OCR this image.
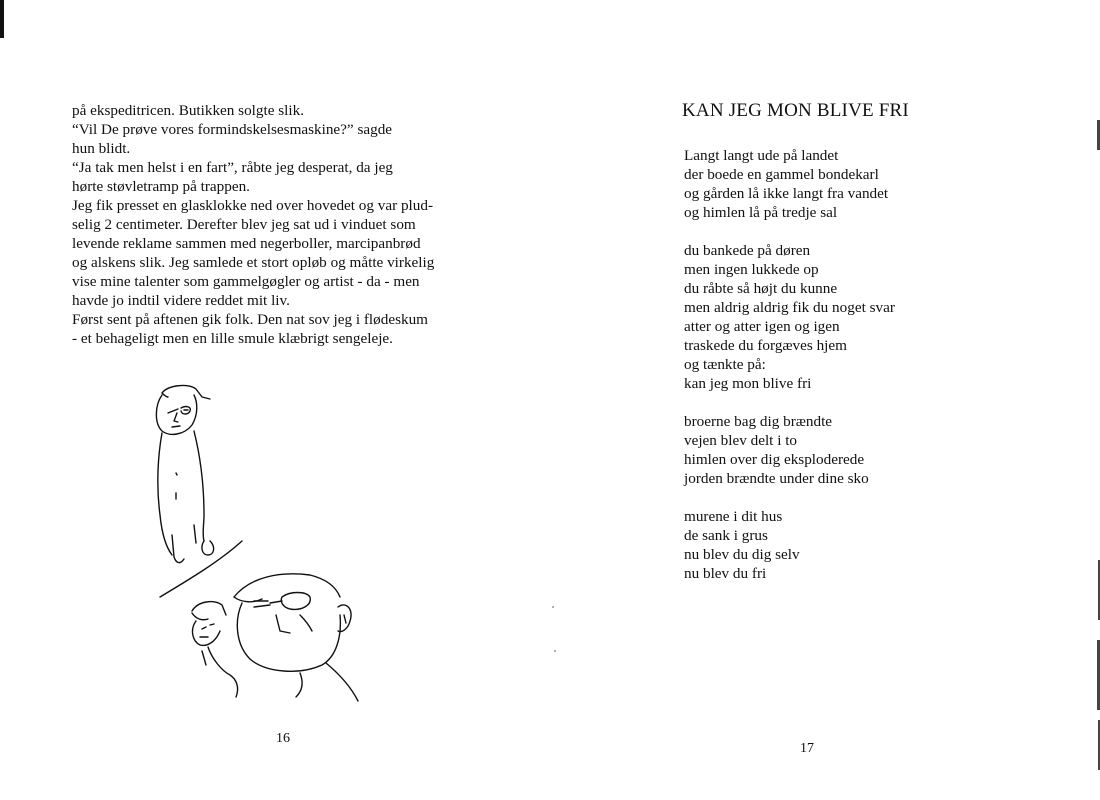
på ekspeditricen. Butikken solgte slik.
“Vil De prøve vores formindskelsesmaskine?” sagde
hun blidt.
“Ja tak men helst i en fart”, råbte jeg desperat, da jeg
hørte støvletramp på trappen.
Jeg fik presset en glasklokke ned over hovedet og var plud-
selig 2 centimeter. Derefter blev jeg sat ud i vinduet som
levende reklame sammen med negerboller, marcipanbrød
og alskens slik. Jeg samlede et stort opløb og måtte virkelig
vise mine talenter som gammelgøgler og artist - da - men
havde jo indtil videre reddet mit liv.
Først sent på aftenen gik folk. Den nat sov jeg i flødeskum
- et behageligt men en lille smule klæbrigt sengeleje.
16
KAN JEG MON BLIVE FRI
Langt langt ude på landet
der boede en gammel bondekarl
og gården lå ikke langt fra vandet
og himlen lå på tredje sal
du bankede på døren
men ingen lukkede op
du råbte så højt du kunne
men aldrig aldrig fik du noget svar
atter og atter igen og igen
traskede du forgæves hjem
og tænkte på:
kan jeg mon blive fri
broerne bag dig brændte
vejen blev delt i to
himlen over dig eksploderede
jorden brændte under dine sko
murene i dit hus
de sank i grus
nu blev du dig selv
nu blev du fri
17
